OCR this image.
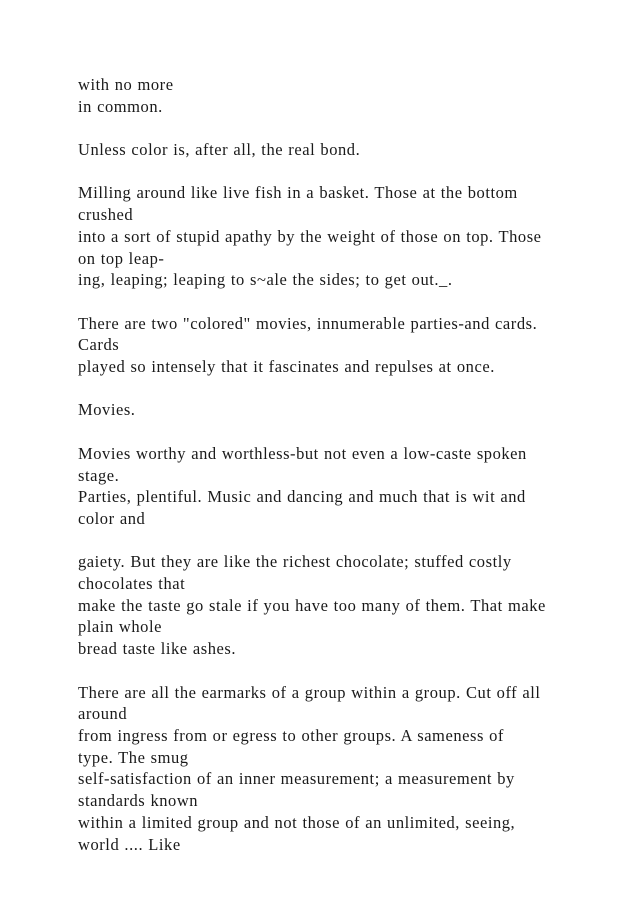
with no more
in common.
Unless color is, after all, the real bond.
Milling around like live fish in a basket. Those at the bottom
crushed
into a sort of stupid apathy by the weight of those on top. Those
on top leap-
ing, leaping; leaping to s~ale the sides; to get out._.
There are two "colored" movies, innumerable parties-and cards.
Cards
played so intensely that it fascinates and repulses at once.
Movies.
Movies worthy and worthless-but not even a low-caste spoken
stage.
Parties, plentiful. Music and dancing and much that is wit and
color and
gaiety. But they are like the richest chocolate; stuffed costly
chocolates that
make the taste go stale if you have too many of them. That make
plain whole
bread taste like ashes.
There are all the earmarks of a group within a group. Cut off all
around
from ingress from or egress to other groups. A sameness of
type. The smug
self-satisfaction of an inner measurement; a measurement by
standards known
within a limited group and not those of an unlimited, seeing,
world .... Like
